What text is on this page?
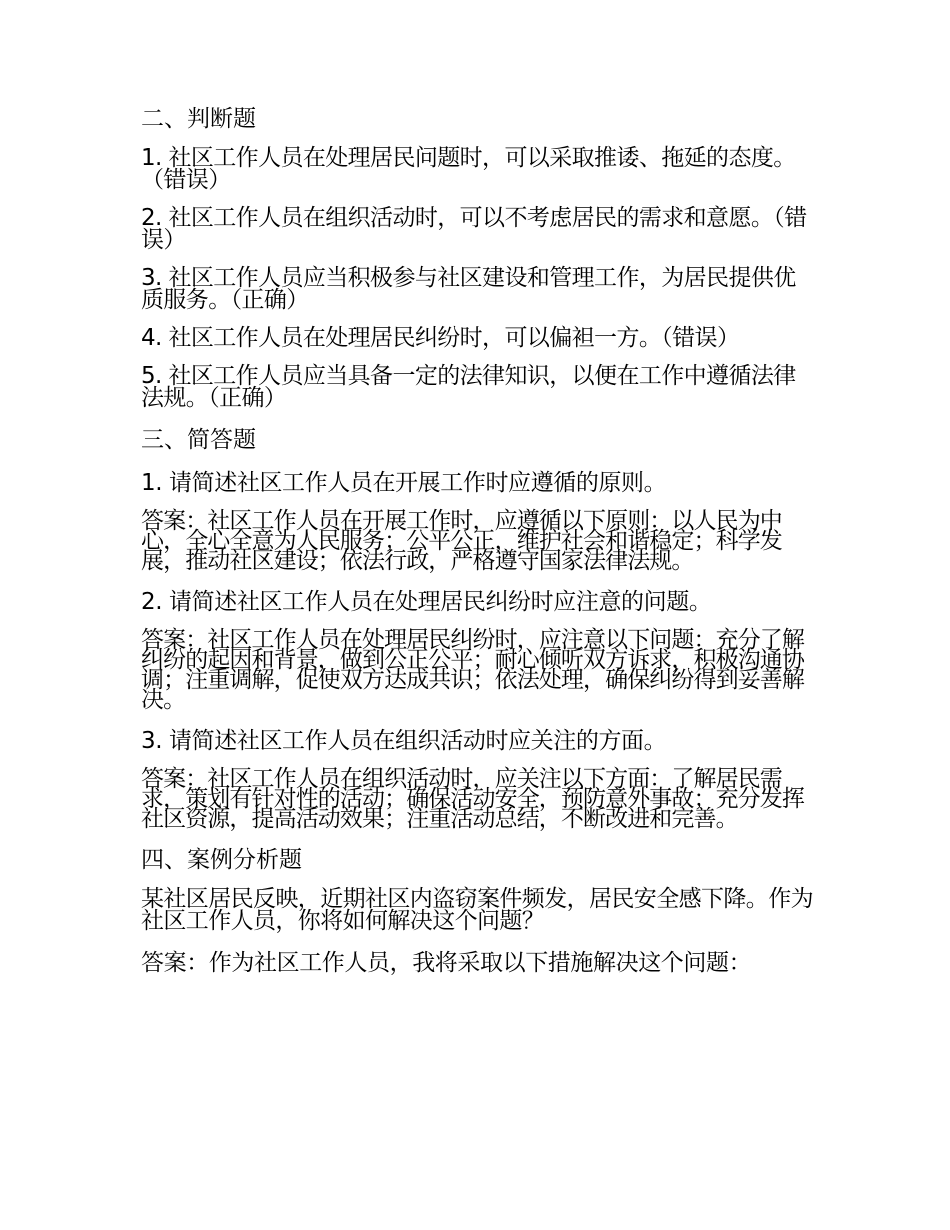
二、判断题
1. 社区工作人员在处理居民问题时，可以采取推诿、拖延的态度。（错误）
2. 社区工作人员在组织活动时，可以不考虑居民的需求和意愿。（错误）
3. 社区工作人员应当积极参与社区建设和管理工作，为居民提供优质服务。（正确）
4. 社区工作人员在处理居民纠纷时，可以偏袒一方。（错误）
5. 社区工作人员应当具备一定的法律知识，以便在工作中遵循法律法规。（正确）
三、简答题
1. 请简述社区工作人员在开展工作时应遵循的原则。
答案：社区工作人员在开展工作时，应遵循以下原则：以人民为中心，全心全意为人民服务；公平公正，维护社会和谐稳定；科学发展，推动社区建设；依法行政，严格遵守国家法律法规。
2. 请简述社区工作人员在处理居民纠纷时应注意的问题。
答案：社区工作人员在处理居民纠纷时，应注意以下问题：充分了解纠纷的起因和背景，做到公正公平；耐心倾听双方诉求，积极沟通协调；注重调解，促使双方达成共识；依法处理，确保纠纷得到妥善解决。
3. 请简述社区工作人员在组织活动时应关注的方面。
答案：社区工作人员在组织活动时，应关注以下方面：了解居民需求，策划有针对性的活动；确保活动安全，预防意外事故；充分发挥社区资源，提高活动效果；注重活动总结，不断改进和完善。
四、案例分析题
某社区居民反映，近期社区内盗窃案件频发，居民安全感下降。作为社区工作人员，你将如何解决这个问题？
答案：作为社区工作人员，我将采取以下措施解决这个问题：
